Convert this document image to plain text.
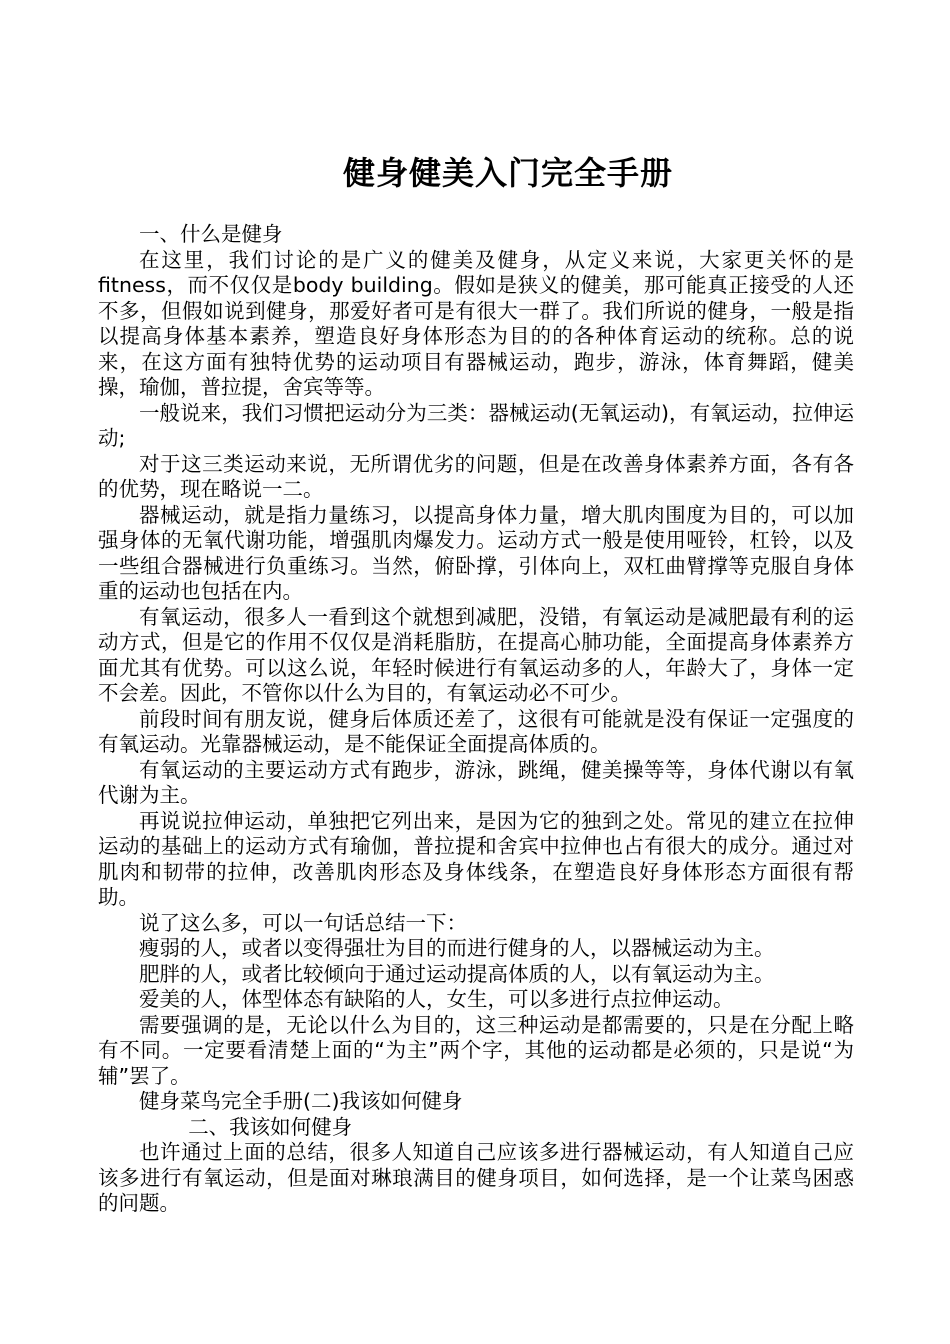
健身健美入门完全手册

一、什么是健身

在这里，我们讨论的是广义的健美及健身，从定义来说，大家更关怀的是fitness，而不仅仅是body building。假如是狭义的健美，那可能真正接受的人还不多，但假如说到健身，那爱好者可是有很大一群了。我们所说的健身，一般是指以提高身体基本素养，塑造良好身体形态为目的的各种体育运动的统称。总的说来，在这方面有独特优势的运动项目有器械运动，跑步，游泳，体育舞蹈，健美操，瑜伽，普拉提，舍宾等等。

一般说来，我们习惯把运动分为三类：器械运动(无氧运动)，有氧运动，拉伸运动;

对于这三类运动来说，无所谓优劣的问题，但是在改善身体素养方面，各有各的优势，现在略说一二。

器械运动，就是指力量练习，以提高身体力量，增大肌肉围度为目的，可以加强身体的无氧代谢功能，增强肌肉爆发力。运动方式一般是使用哑铃，杠铃，以及一些组合器械进行负重练习。当然，俯卧撑，引体向上，双杠曲臂撑等克服自身体重的运动也包括在内。

有氧运动，很多人一看到这个就想到减肥，没错，有氧运动是减肥最有利的运动方式，但是它的作用不仅仅是消耗脂肪，在提高心肺功能，全面提高身体素养方面尤其有优势。可以这么说，年轻时候进行有氧运动多的人，年龄大了，身体一定不会差。因此，不管你以什么为目的，有氧运动必不可少。

前段时间有朋友说，健身后体质还差了，这很有可能就是没有保证一定强度的有氧运动。光靠器械运动，是不能保证全面提高体质的。

有氧运动的主要运动方式有跑步，游泳，跳绳，健美操等等，身体代谢以有氧代谢为主。

再说说拉伸运动，单独把它列出来，是因为它的独到之处。常见的建立在拉伸运动的基础上的运动方式有瑜伽，普拉提和舍宾中拉伸也占有很大的成分。通过对肌肉和韧带的拉伸，改善肌肉形态及身体线条，在塑造良好身体形态方面很有帮助。

说了这么多，可以一句话总结一下：

瘦弱的人，或者以变得强壮为目的而进行健身的人，以器械运动为主。

肥胖的人，或者比较倾向于通过运动提高体质的人，以有氧运动为主。

爱美的人，体型体态有缺陷的人，女生，可以多进行点拉伸运动。

需要强调的是，无论以什么为目的，这三种运动是都需要的，只是在分配上略有不同。一定要看清楚上面的“为主”两个字，其他的运动都是必须的，只是说“为辅”罢了。

健身菜鸟完全手册(二)我该如何健身

二、我该如何健身

也许通过上面的总结，很多人知道自己应该多进行器械运动，有人知道自己应该多进行有氧运动，但是面对琳琅满目的健身项目，如何选择，是一个让菜鸟困惑的问题。
